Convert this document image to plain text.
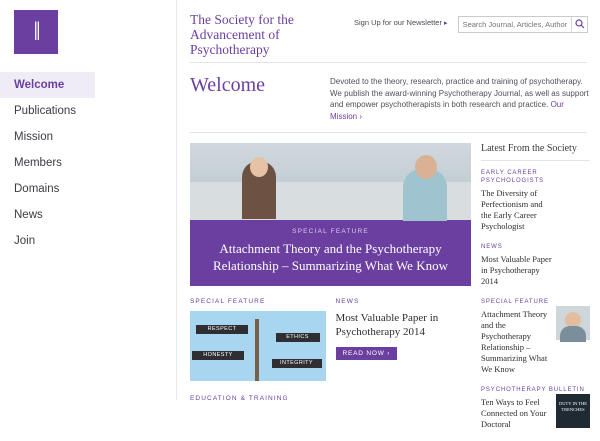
‖
Welcome
Publications
Mission
Members
Domains
News
Join
The Society for the Advancement of Psychotherapy
Sign Up for our Newsletter ▸
Search Journal, Articles, Authors...
Welcome	Devoted to the theory, research, practice and training of psychotherapy. We publish the award-winning Psychotherapy Journal, as well as support and empower psychotherapists in both research and practice. Our Mission ›
SPECIAL FEATURE
Attachment Theory and the Psychotherapy Relationship – Summarizing What We Know
SPECIAL FEATURE
RESPECT
ETHICS
HONESTY
INTEGRITY
NEWS
Most Valuable Paper in Psychotherapy 2014
READ NOW ›
EDUCATION & TRAINING
Latest From the Society
EARLY CAREER PSYCHOLOGISTS
The Diversity of Perfectionism and the Early Career Psychologist
NEWS
Most Valuable Paper in Psychotherapy 2014
SPECIAL FEATURE
Attachment Theory and the Psychotherapy Relationship – Summarizing What We Know
PSYCHOTHERAPY BULLETIN
Ten Ways to Feel Connected on Your Doctoral
DUTY IN THE TRENCHES
